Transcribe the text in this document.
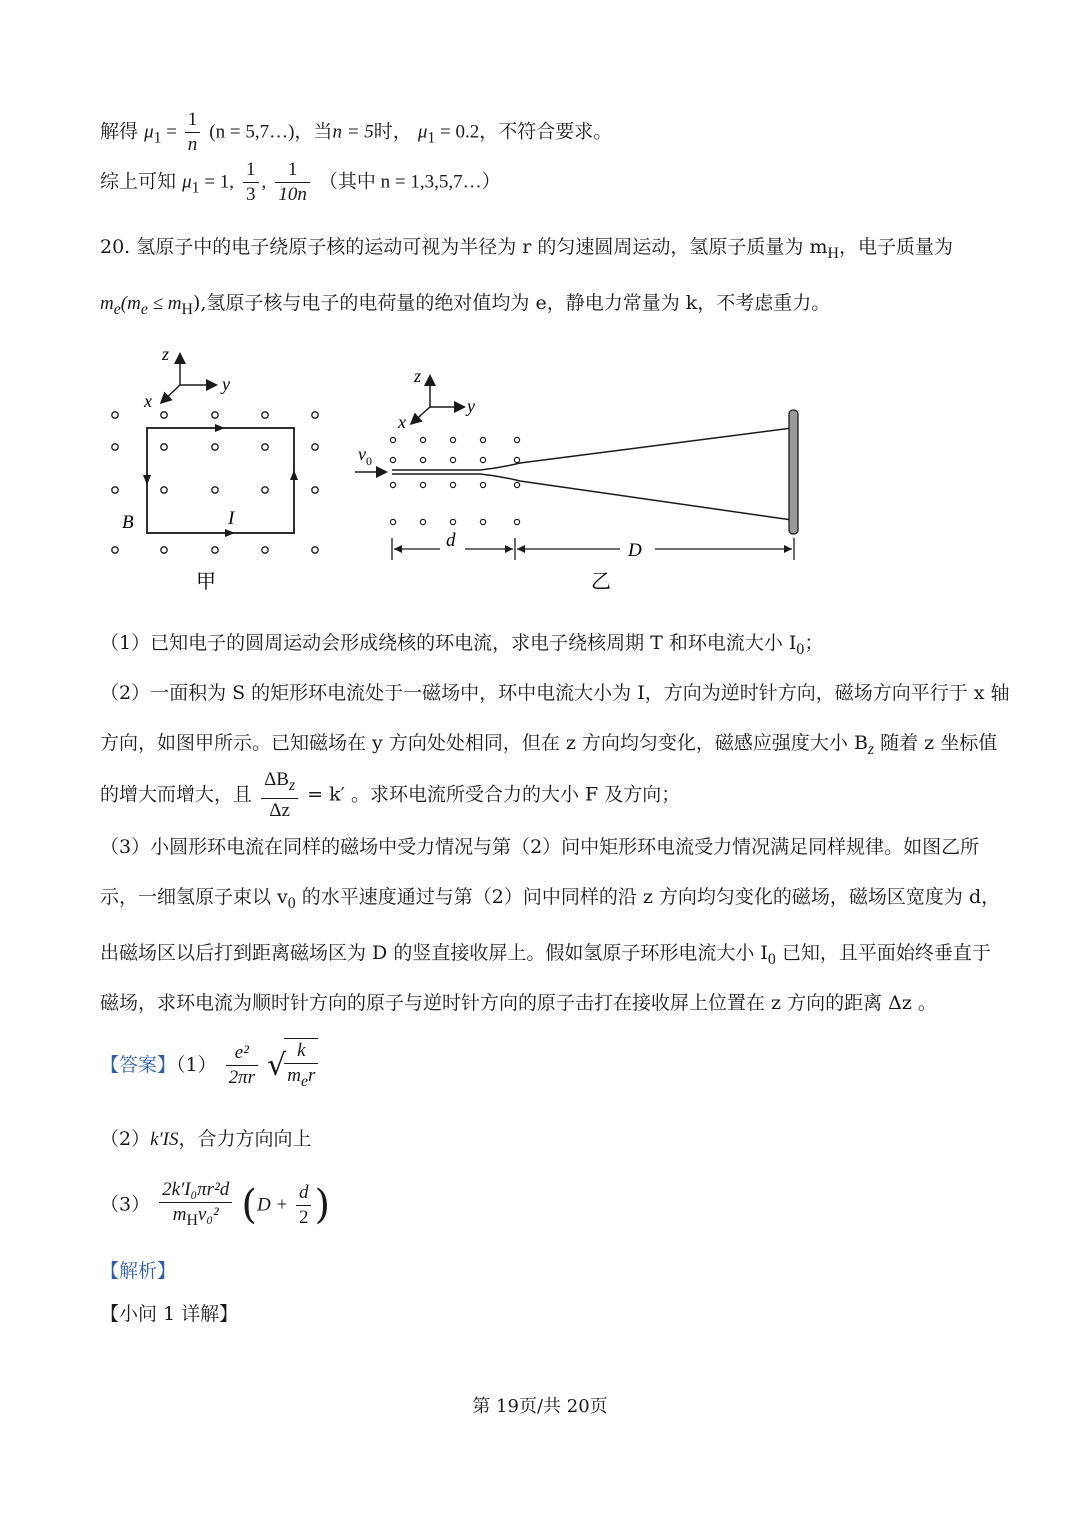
解得 $\mu_1 = \frac{1}{n} (n$ = 5,7…)，当n = 5时， $\mu_1 = 0.2$，不符合要求。
综上可知 $\mu_1 = 1$, $\frac{1}{3}$ , $\frac{1}{10n}$ （其中 n = 1,3,5,7…）
20. 氢原子中的电子绕原子核的运动可视为半径为 r 的匀速圆周运动，氢原子质量为 $m_H$，电子质量为
$m_e(m_e \le m_H)$,氢原子核与电子的电荷量的绝对值均为 e，静电力常量为 k，不考虑重力。
z
y
x
B	I
甲
z
y
x
$v_0$
d	D
乙
（1）已知电子的圆周运动会形成绕核的环电流，求电子绕核周期 T 和环电流大小 $I_0$；
（2）一面积为 S 的矩形环电流处于一磁场中，环中电流大小为 I，方向为逆时针方向，磁场方向平行于 x 轴
方向，如图甲所示。已知磁场在 y 方向处处相同，但在 z 方向均匀变化，磁感应强度大小 $B_z$ 随着 z 坐标值
的增大而增大，且 $\frac{\Delta B_z}{\Delta z} = k'$ 。求环电流所受合力的大小 F 及方向；
（3）小圆形环电流在同样的磁场中受力情况与第（2）问中矩形环电流受力情况满足同样规律。如图乙所
示，一细氢原子束以 $v_0$ 的水平速度通过与第（2）问中同样的沿 z 方向均匀变化的磁场，磁场区宽度为 d，
出磁场区以后打到距离磁场区为 D 的竖直接收屏上。假如氢原子环形电流大小 $I_0$ 已知，且平面始终垂直于
磁场，求环电流为顺时针方向的原子与逆时针方向的原子击打在接收屏上位置在 z 方向的距离 Δz 。
【答案】$(1) \frac{\text{e²}}{2\pi r}$ √
$\frac{k}{m_er}$
（2）k′IS，合力方向向上
$(3) \frac{\text{2k′I₀πr²d}}{m_Hv_0^2} (D + \frac{d}{2}$ )
【解析】
【小问 1 详解】
第 19页/共 20页
